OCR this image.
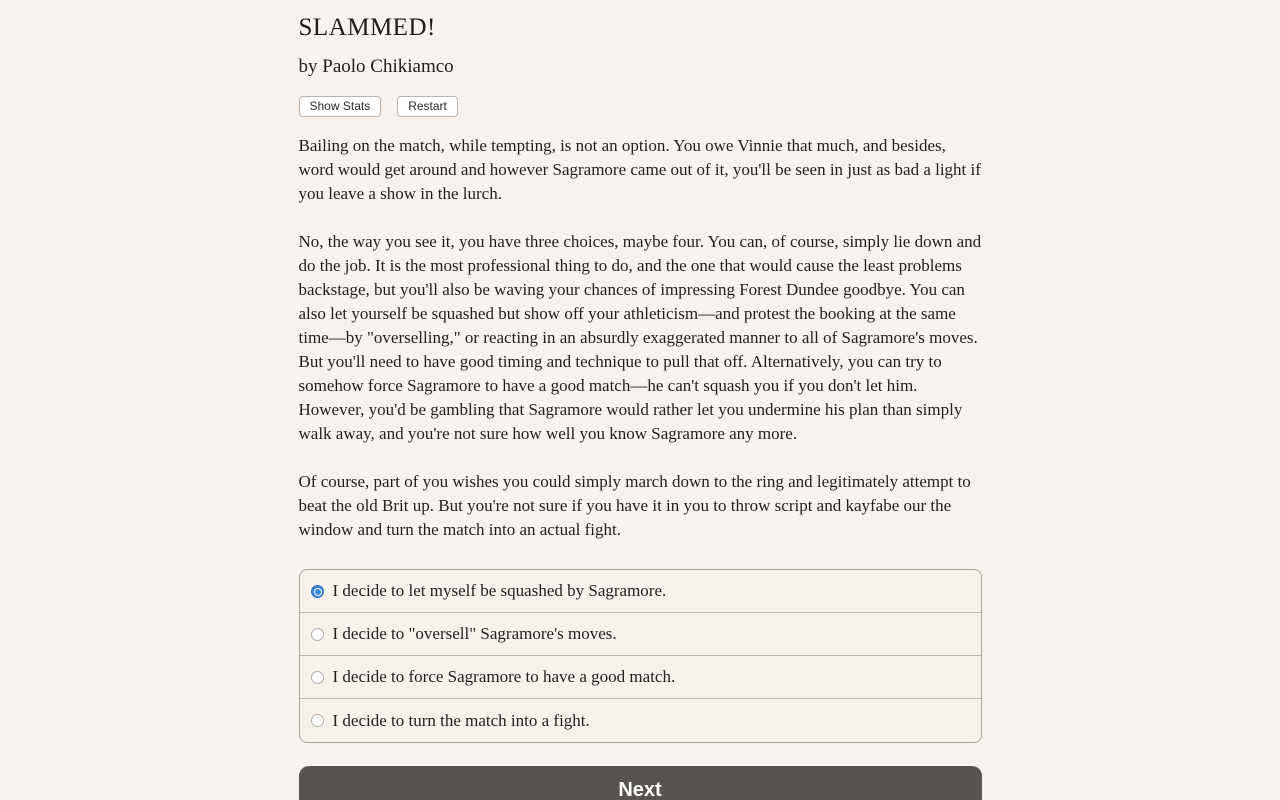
SLAMMED!
by Paolo Chikiamco
Show Stats	Restart

Bailing on the match, while tempting, is not an option. You owe Vinnie that much, and besides, word would get around and however Sagramore came out of it, you'll be seen in just as bad a light if you leave a show in the lurch.

No, the way you see it, you have three choices, maybe four. You can, of course, simply lie down and do the job. It is the most professional thing to do, and the one that would cause the least problems backstage, but you'll also be waving your chances of impressing Forest Dundee goodbye. You can also let yourself be squashed but show off your athleticism—and protest the booking at the same time—by "overselling," or reacting in an absurdly exaggerated manner to all of Sagramore's moves. But you'll need to have good timing and technique to pull that off. Alternatively, you can try to somehow force Sagramore to have a good match—he can't squash you if you don't let him. However, you'd be gambling that Sagramore would rather let you undermine his plan than simply walk away, and you're not sure how well you know Sagramore any more.

Of course, part of you wishes you could simply march down to the ring and legitimately attempt to beat the old Brit up. But you're not sure if you have it in you to throw script and kayfabe our the window and turn the match into an actual fight.

I decide to let myself be squashed by Sagramore.
I decide to "oversell" Sagramore's moves.
I decide to force Sagramore to have a good match.
I decide to turn the match into a fight.
Next
